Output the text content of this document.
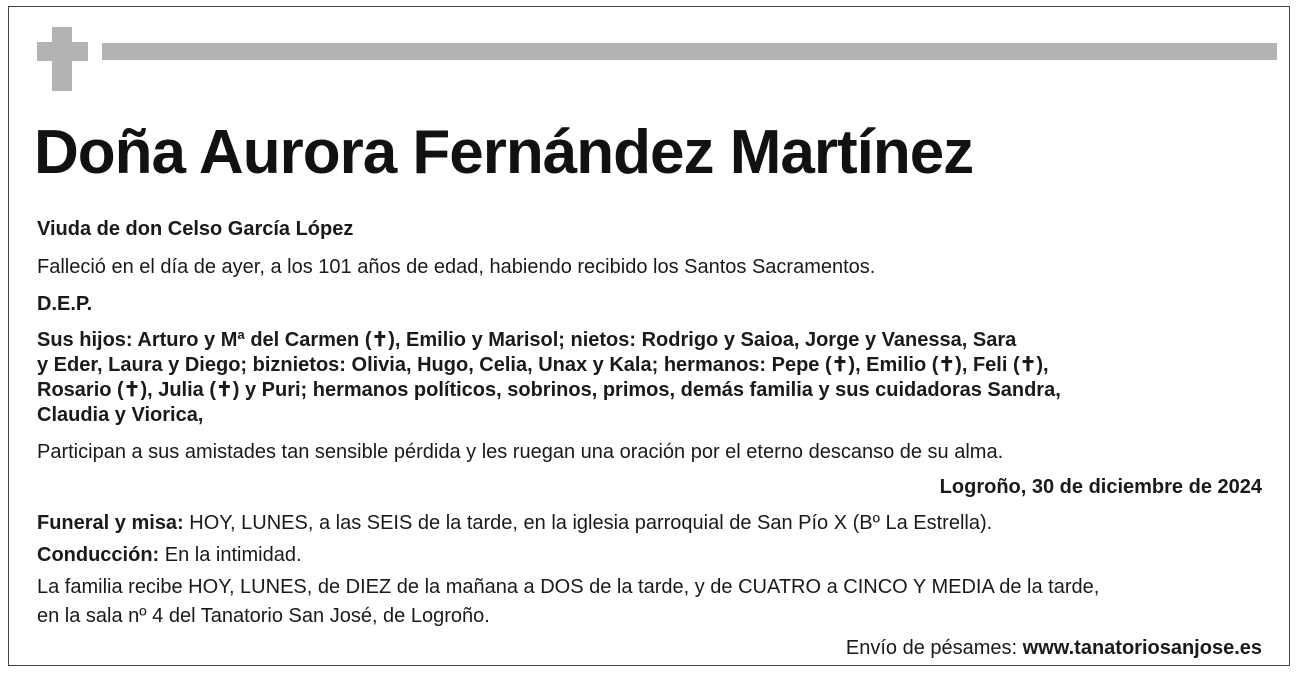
Doña Aurora Fernández Martínez

Viuda de don Celso García López

Falleció en el día de ayer, a los 101 años de edad, habiendo recibido los Santos Sacramentos.

D.E.P.

Sus hijos: Arturo y Mª del Carmen (✝), Emilio y Marisol; nietos: Rodrigo y Saioa, Jorge y Vanessa, Sara
y Eder, Laura y Diego; biznietos: Olivia, Hugo, Celia, Unax y Kala; hermanos: Pepe (✝), Emilio (✝), Feli (✝),
Rosario (✝), Julia (✝) y Puri; hermanos políticos, sobrinos, primos, demás familia y sus cuidadoras Sandra,
Claudia y Viorica,

Participan a sus amistades tan sensible pérdida y les ruegan una oración por el eterno descanso de su alma.

Logroño, 30 de diciembre de 2024

Funeral y misa: HOY, LUNES, a las SEIS de la tarde, en la iglesia parroquial de San Pío X (Bº La Estrella).

Conducción: En la intimidad.

La familia recibe HOY, LUNES, de DIEZ de la mañana a DOS de la tarde, y de CUATRO a CINCO Y MEDIA de la tarde,

en la sala nº 4 del Tanatorio San José, de Logroño.

Envío de pésames: www.tanatoriosanjose.es
